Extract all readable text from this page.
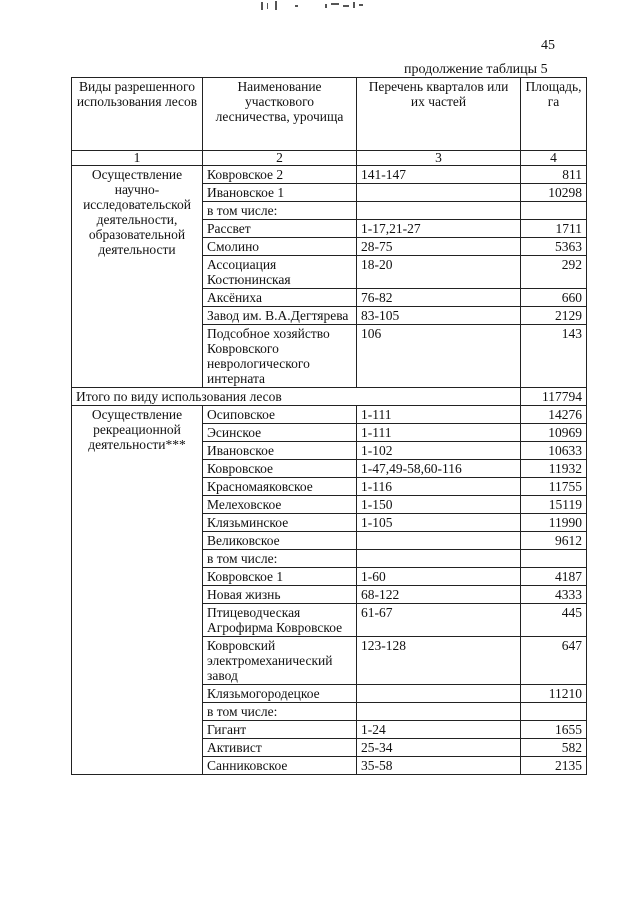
45
продолжение таблицы 5
Виды разрешенного использования лесов	Наименование участкового лесничества, урочища	Перечень кварталов или их частей	Площадь, га
1	2	3	4
Осуществление научно-исследовательской деятельности, образовательной деятельности	Ковровское 2	141-147	811
	Ивановское 1		10298
	в том числе:		
	Рассвет	1-17,21-27	1711
	Смолино	28-75	5363
	Ассоциация Костюнинская	18-20	292
	Аксёниха	76-82	660
	Завод им. В.А.Дегтярева	83-105	2129
	Подсобное хозяйство Ковровского неврологического интерната	106	143
Итого по виду использования лесов			117794
Осуществление рекреационной деятельности***	Осиповское	1-111	14276
	Эсинское	1-111	10969
	Ивановское	1-102	10633
	Ковровское	1-47,49-58,60-116	11932
	Красномаяковское	1-116	11755
	Мелеховское	1-150	15119
	Клязьминское	1-105	11990
	Великовское		9612
	в том числе:		
	Ковровское 1	1-60	4187
	Новая жизнь	68-122	4333
	Птицеводческая Агрофирма Ковровское	61-67	445
	Ковровский электромеханический завод	123-128	647
	Клязьмогородецкое		11210
	в том числе:		
	Гигант	1-24	1655
	Активист	25-34	582
	Санниковское	35-58	2135
